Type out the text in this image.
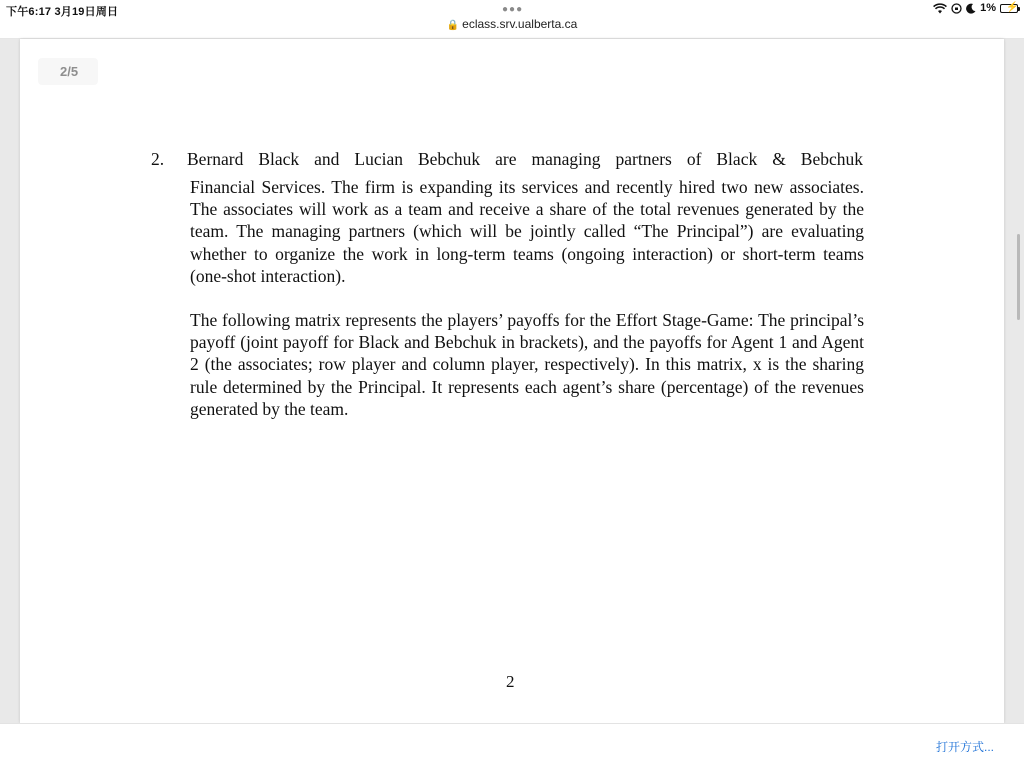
下午6:17 3月19日周日	●●●
🔒 eclass.srv.ualberta.ca
1% ⚡
2/5
2. Bernard Black and Lucian Bebchuk are managing partners of Black & Bebchuk
Financial Services. The firm is expanding its services and recently hired two new associates. The associates will work as a team and receive a share of the total revenues generated by the team. The managing partners (which will be jointly called “The Principal”) are evaluating whether to organize the work in long-term teams (ongoing interaction) or short-term teams (one-shot interaction).
The following matrix represents the players’ payoffs for the Effort Stage-Game: The principal’s payoff (joint payoff for Black and Bebchuk in brackets), and the payoffs for Agent 1 and Agent 2 (the associates; row player and column player, respectively). In this matrix, x is the sharing rule determined by the Principal. It represents each agent’s share (percentage) of the revenues generated by the team.
2
打开方式...
